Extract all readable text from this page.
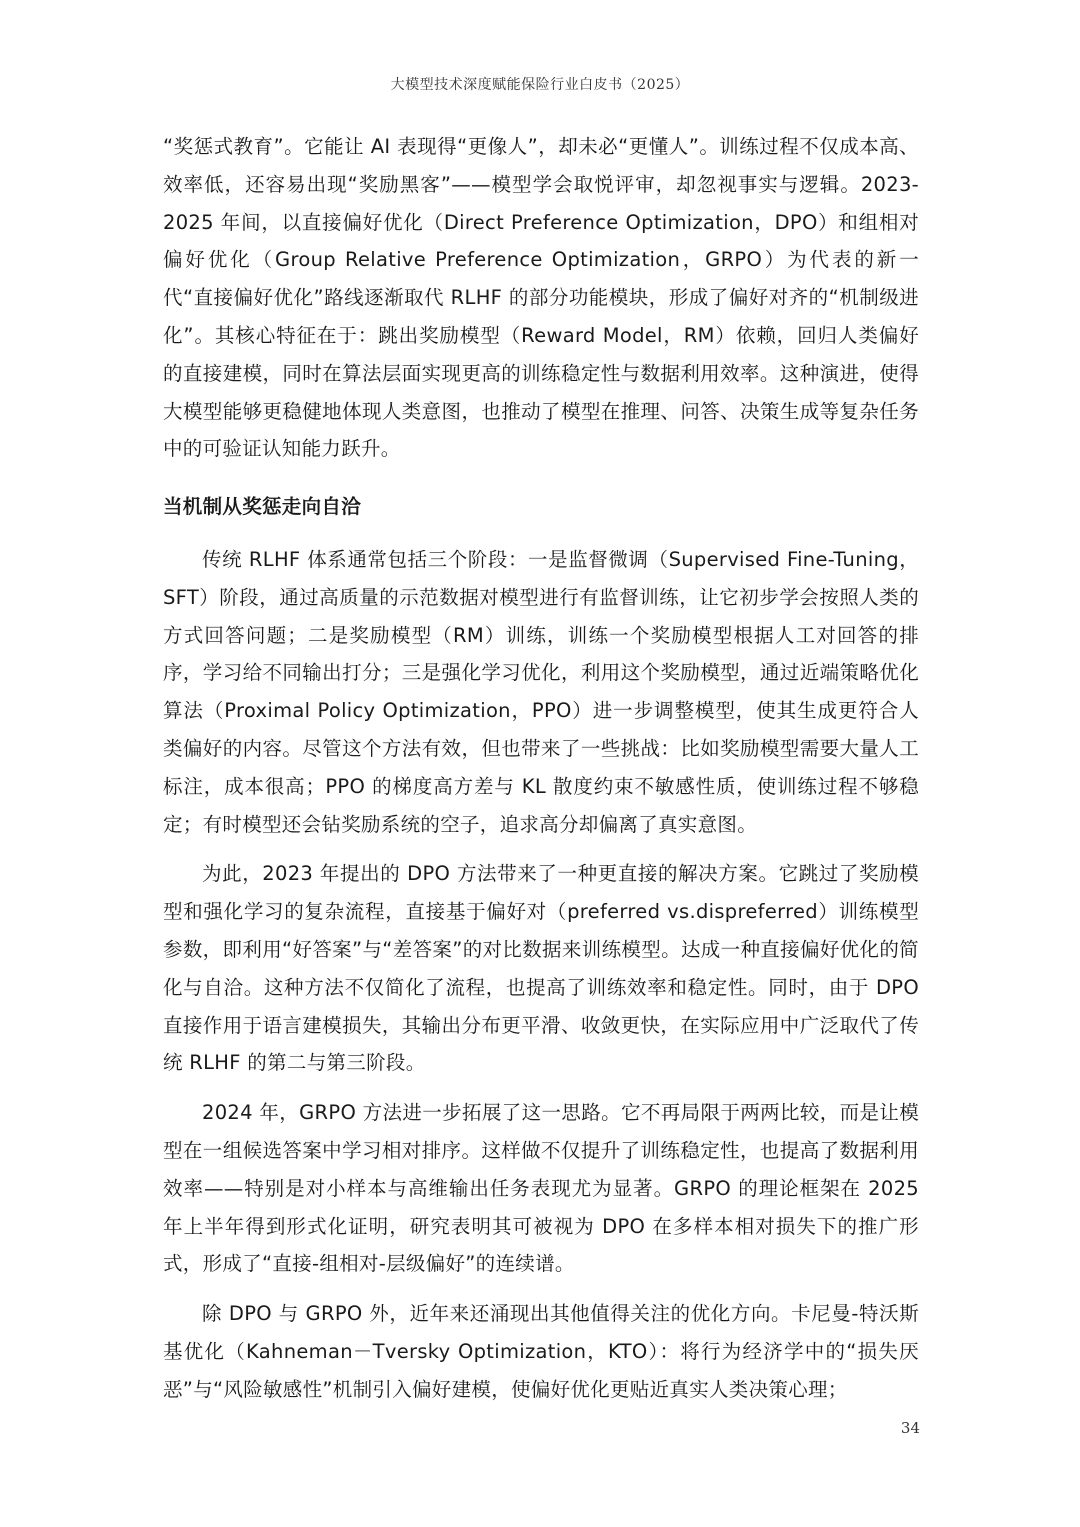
大模型技术深度赋能保险行业白皮书（2025）

“奖惩式教育”。它能让 AI 表现得“更像人”，却未必“更懂人”。训练过程不仅成本高、效率低，还容易出现“奖励黑客”——模型学会取悦评审，却忽视事实与逻辑。2023-2025 年间，以直接偏好优化（Direct Preference Optimization，DPO）和组相对偏好优化（Group Relative Preference Optimization，GRPO）为代表的新一代“直接偏好优化”路线逐渐取代 RLHF 的部分功能模块，形成了偏好对齐的“机制级进化”。其核心特征在于：跳出奖励模型（Reward Model，RM）依赖，回归人类偏好的直接建模，同时在算法层面实现更高的训练稳定性与数据利用效率。这种演进，使得大模型能够更稳健地体现人类意图，也推动了模型在推理、问答、决策生成等复杂任务中的可验证认知能力跃升。

当机制从奖惩走向自洽

传统 RLHF 体系通常包括三个阶段：一是监督微调（Supervised Fine-Tuning，SFT）阶段，通过高质量的示范数据对模型进行有监督训练，让它初步学会按照人类的方式回答问题；二是奖励模型（RM）训练，训练一个奖励模型根据人工对回答的排序，学习给不同输出打分；三是强化学习优化，利用这个奖励模型，通过近端策略优化算法（Proximal Policy Optimization，PPO）进一步调整模型，使其生成更符合人类偏好的内容。尽管这个方法有效，但也带来了一些挑战：比如奖励模型需要大量人工标注，成本很高；PPO 的梯度高方差与 KL 散度约束不敏感性质，使训练过程不够稳定；有时模型还会钻奖励系统的空子，追求高分却偏离了真实意图。

为此，2023 年提出的 DPO 方法带来了一种更直接的解决方案。它跳过了奖励模型和强化学习的复杂流程，直接基于偏好对（preferred vs.dispreferred）训练模型参数，即利用“好答案”与“差答案”的对比数据来训练模型。达成一种直接偏好优化的简化与自洽。这种方法不仅简化了流程，也提高了训练效率和稳定性。同时，由于 DPO 直接作用于语言建模损失，其输出分布更平滑、收敛更快，在实际应用中广泛取代了传统 RLHF 的第二与第三阶段。

2024 年，GRPO 方法进一步拓展了这一思路。它不再局限于两两比较，而是让模型在一组候选答案中学习相对排序。这样做不仅提升了训练稳定性，也提高了数据利用效率——特别是对小样本与高维输出任务表现尤为显著。GRPO 的理论框架在 2025 年上半年得到形式化证明，研究表明其可被视为 DPO 在多样本相对损失下的推广形式，形成了“直接-组相对-层级偏好”的连续谱。

除 DPO 与 GRPO 外，近年来还涌现出其他值得关注的优化方向。卡尼曼-特沃斯基优化（Kahneman－Tversky Optimization，KTO）：将行为经济学中的“损失厌恶”与“风险敏感性”机制引入偏好建模，使偏好优化更贴近真实人类决策心理；

34
